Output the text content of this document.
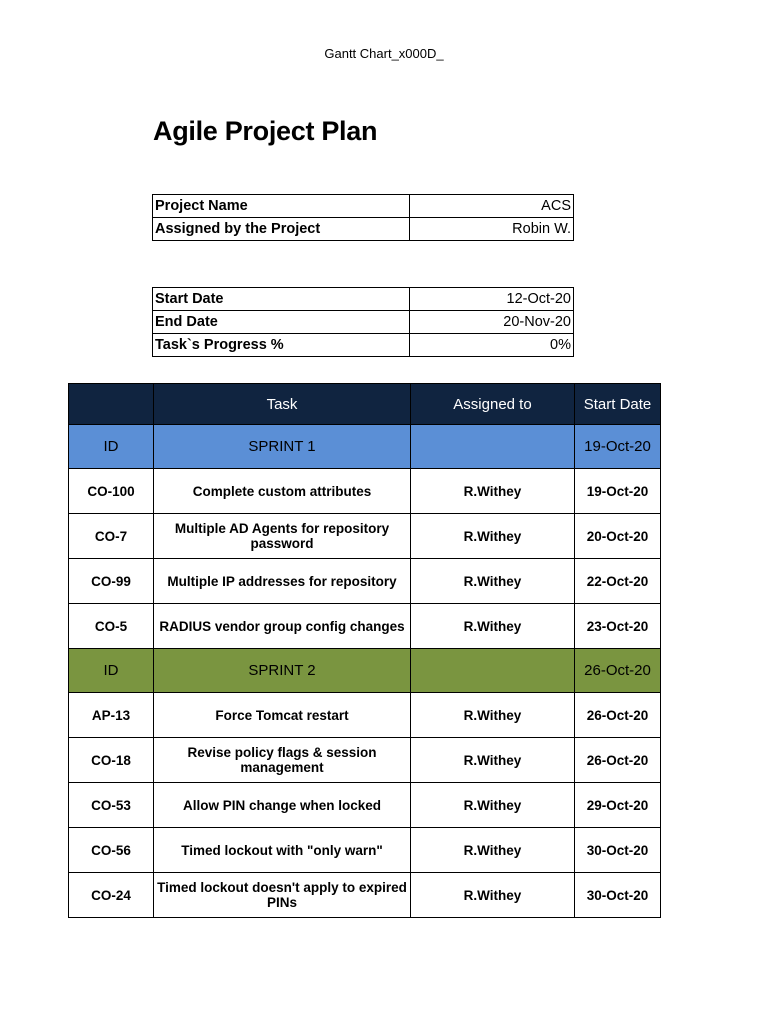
Gantt Chart_x000D_
Agile Project Plan
Project Name	ACS
Assigned by the Project	Robin W.
Start Date	12-Oct-20
End Date	20-Nov-20
Task`s Progress %	0%
	Task	Assigned to	Start Date
ID	SPRINT 1		19-Oct-20
CO-100	Complete custom attributes	R.Withey	19-Oct-20
CO-7	Multiple AD Agents for repository password	R.Withey	20-Oct-20
CO-99	Multiple IP addresses for repository	R.Withey	22-Oct-20
CO-5	RADIUS vendor group config changes	R.Withey	23-Oct-20
ID	SPRINT 2		26-Oct-20
AP-13	Force Tomcat restart	R.Withey	26-Oct-20
CO-18	Revise policy flags & session management	R.Withey	26-Oct-20
CO-53	Allow PIN change when locked	R.Withey	29-Oct-20
CO-56	Timed lockout with "only warn"	R.Withey	30-Oct-20
CO-24	Timed lockout doesn't apply to expired PINs	R.Withey	30-Oct-20
